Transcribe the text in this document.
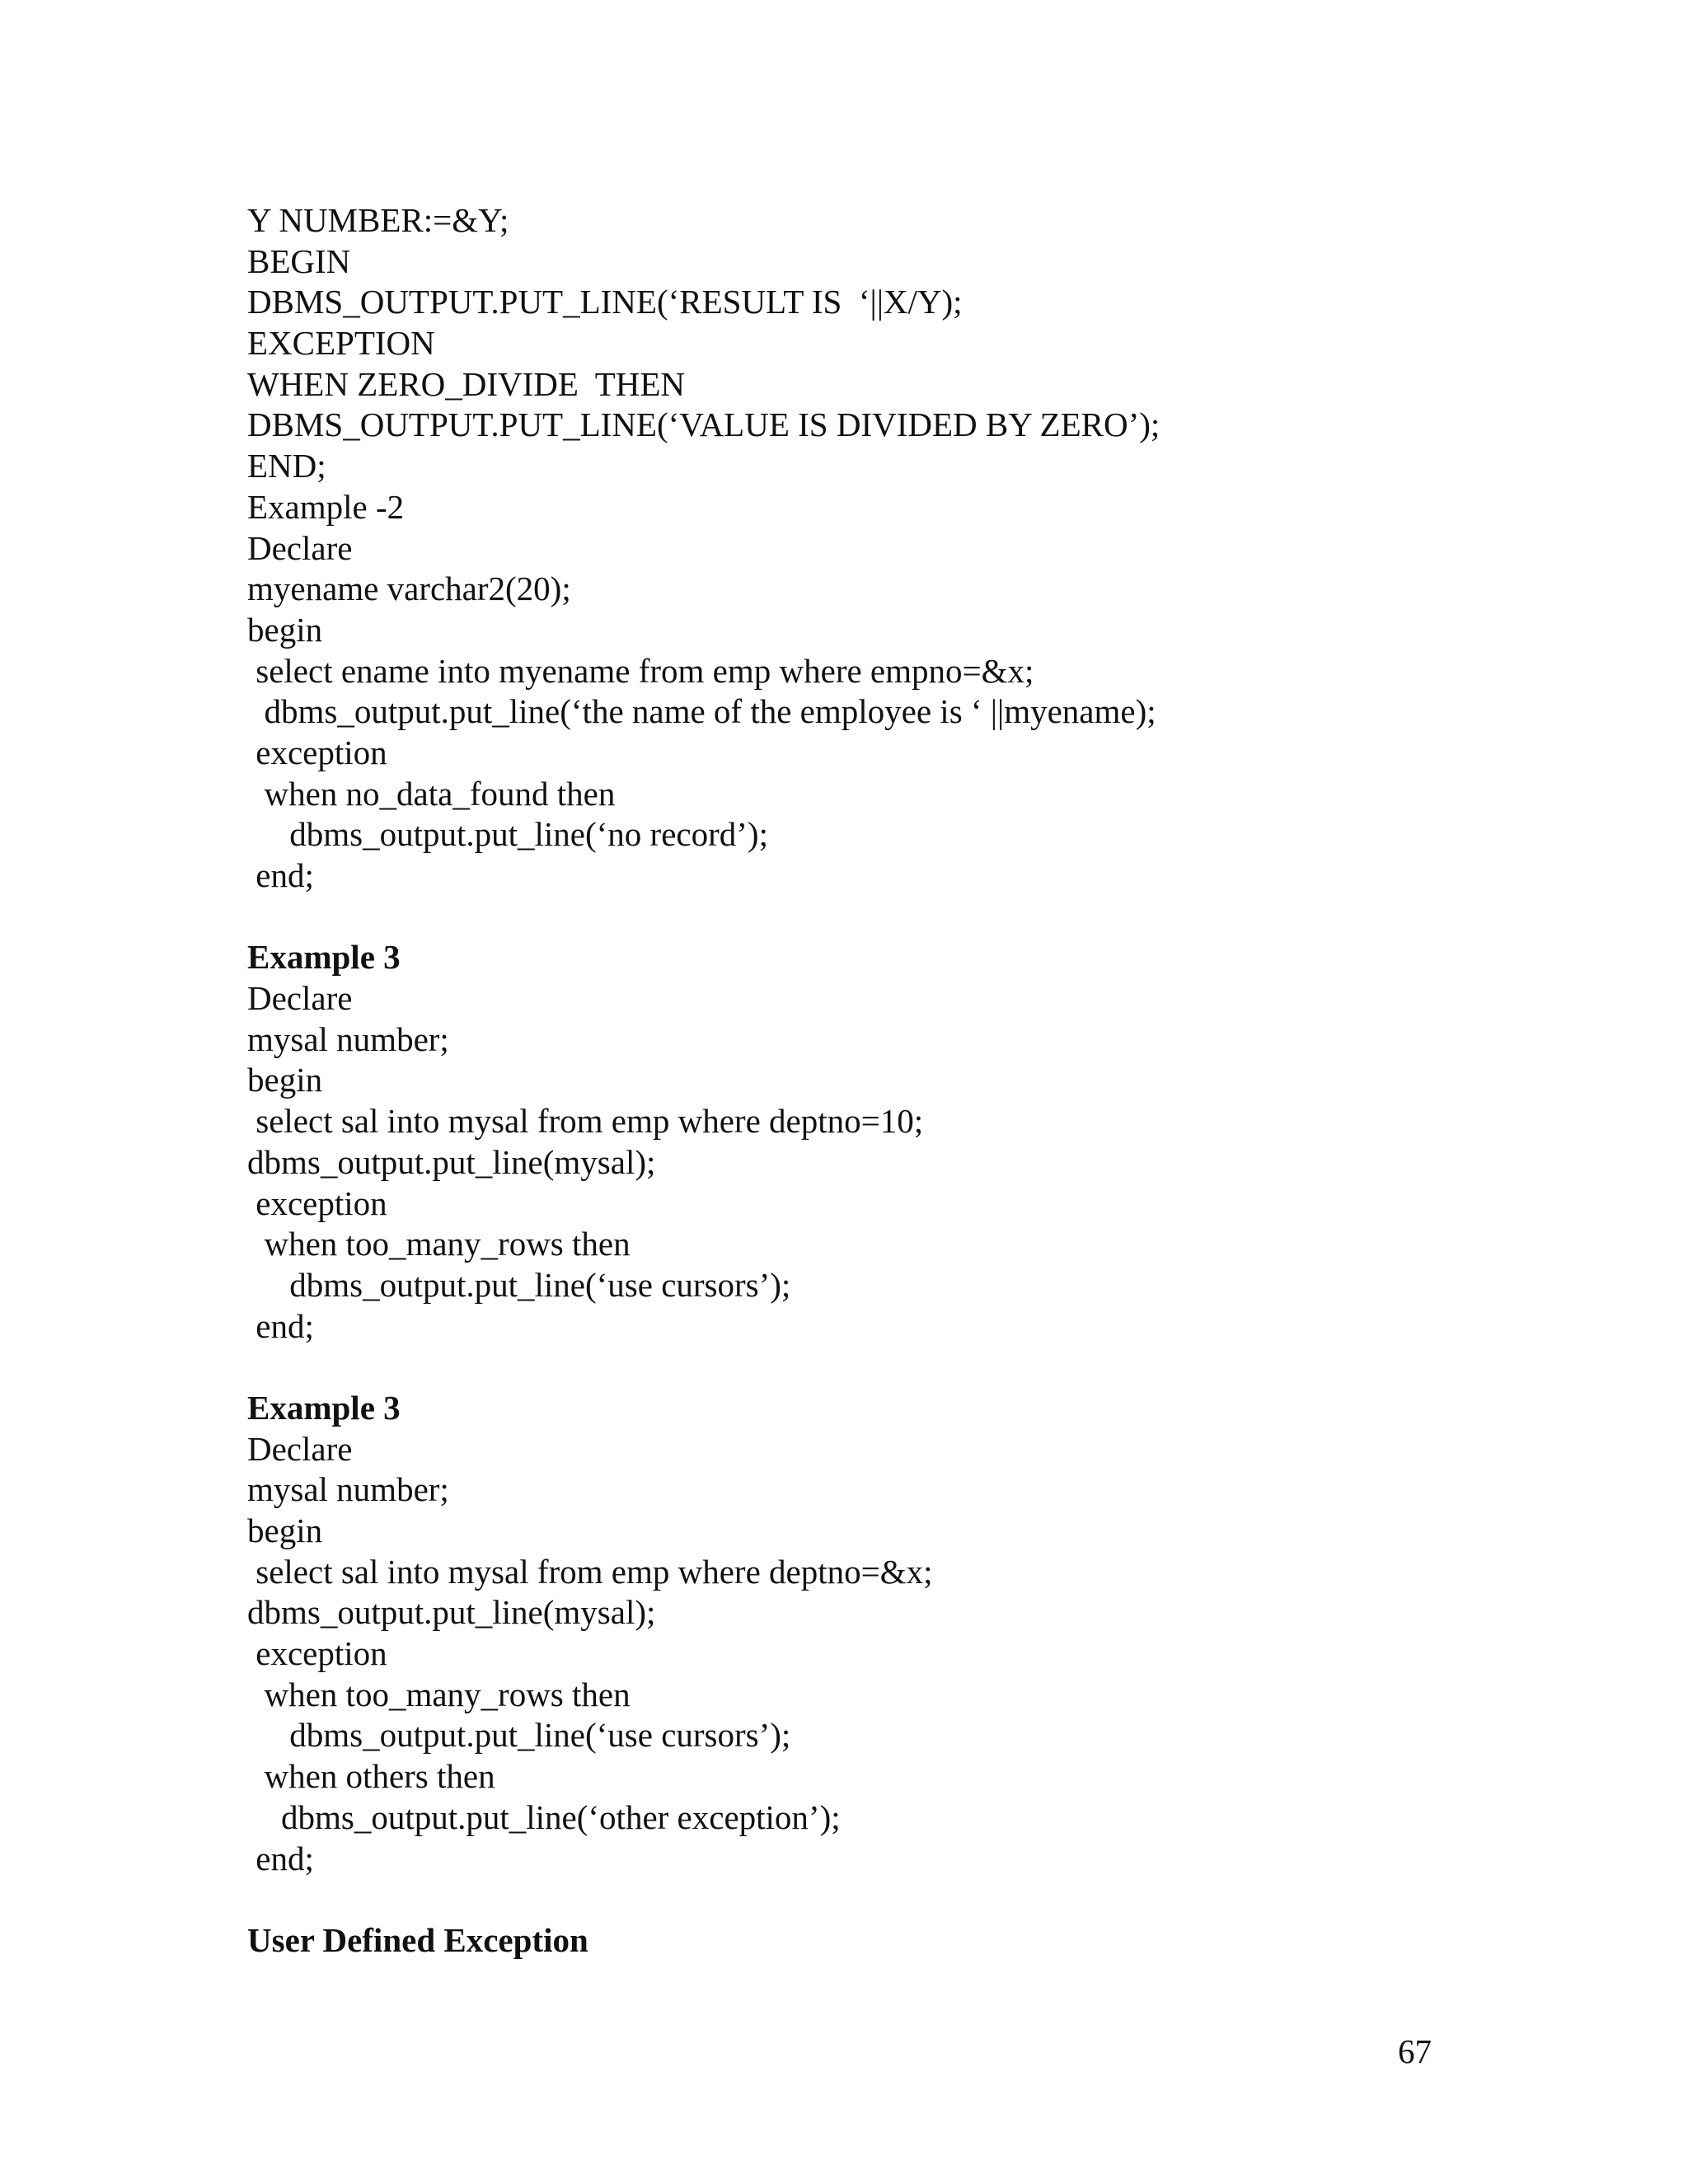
Y NUMBER:=&Y;
BEGIN
DBMS_OUTPUT.PUT_LINE(‘RESULT IS  ‘||X/Y);
EXCEPTION
WHEN ZERO_DIVIDE  THEN
DBMS_OUTPUT.PUT_LINE(‘VALUE IS DIVIDED BY ZERO’);
END;
Example -2
Declare
myename varchar2(20);
begin
select ename into myename from emp where empno=&x;
dbms_output.put_line(‘the name of the employee is ‘ ||myename);
exception
when no_data_found then
dbms_output.put_line(‘no record’);
end;
Example 3
Declare
mysal number;
begin
select sal into mysal from emp where deptno=10;
dbms_output.put_line(mysal);
exception
when too_many_rows then
dbms_output.put_line(‘use cursors’);
end;
Example 3
Declare
mysal number;
begin
select sal into mysal from emp where deptno=&x;
dbms_output.put_line(mysal);
exception
when too_many_rows then
dbms_output.put_line(‘use cursors’);
when others then
dbms_output.put_line(‘other exception’);
end;
User Defined Exception
67
